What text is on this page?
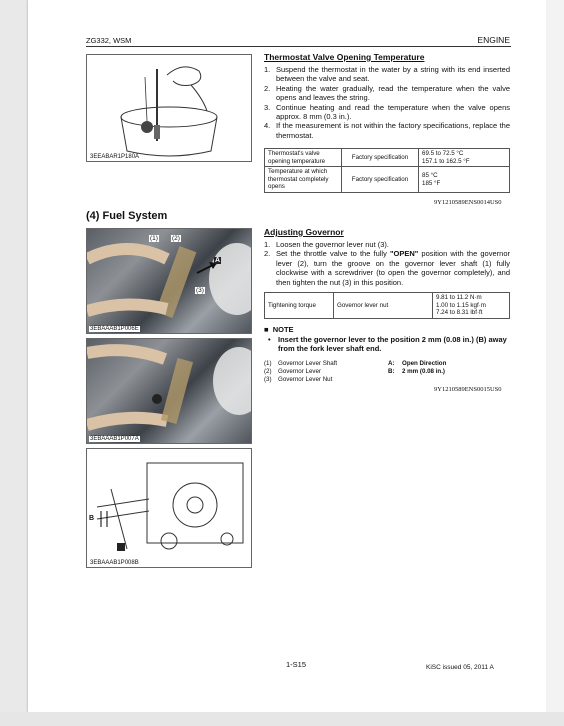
ZG332, WSM	ENGINE
3EEABAR1P180A
Thermostat Valve Opening Temperature
1. Suspend the thermostat in the water by a string with its end inserted between the valve and seat.
2. Heating the water gradually, read the temperature when the valve opens and leaves the string.
3. Continue heating and read the temperature when the valve opens approx. 8 mm (0.3 in.).
4. If the measurement is not within the factory specifications, replace the thermostat.
Thermostat's valve opening temperature	Factory specification	69.5 to 72.5 °C
157.1 to 162.5 °F

Temperature at which thermostat completely opens	Factory specification	85 °C
185 °F
9Y1210589ENS0014US0
(4) Fuel System
(1) (2)
A
(3)
3EBAAAB1P006E
3EBAAAB1P007A
B
3EBAAAB1P008B
Adjusting Governor
1. Loosen the governor lever nut (3).
2. Set the throttle valve to the fully "OPEN" position with the governor lever (2), turn the groove on the governor lever shaft (1) fully clockwise with a screwdriver (to open the governor completely), and then tighten the nut (3) in this position.
Tightening torque	Governor lever nut	
9.81 to 11.2 N·m
1.00 to 1.15 kgf·m
7.24 to 8.31 lbf·ft
■ NOTE
• Insert the governor lever to the position 2 mm (0.08 in.) (B) away from the fork lever shaft end.
(1) Governor Lever Shaft
(2) Governor Lever
(3) Governor Lever Nut
A: Open Direction
B: 2 mm (0.08 in.)
9Y1210589ENS0015US0
1-S15	KiSC issued 05, 2011 A
